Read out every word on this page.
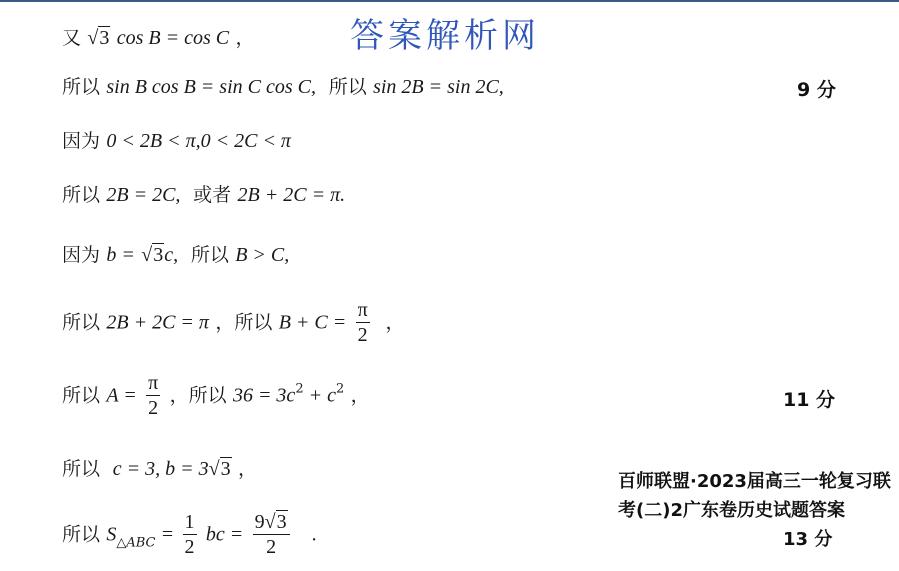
答案解析网
又 √3 cos B = cos C ，
所以 sin B cos B = sin C cos C, 所以 sin 2B = sin 2C,	9 分
因为 0 < 2B < π,0 < 2C < π
所以 2B = 2C, 或者 2B + 2C = π.
因为 b = √3c, 所以 B > C,
所以 2B + 2C = π ，所以 $B + C = \frac{\pi}{2}$ ，
所以 $A = \frac{\pi}{2}$ ，所以 $36 = 3c^2 + c^2$ ，	11 分
所以 c = 3, b = 3√3 ，
所以 $S_{\triangle ABC} = \frac{1}{2}$ bc = $\frac{9√3}{2}$ .
百师联盟·2023届高三一轮复习联考(二)2广东卷历史试题答案
13 分
